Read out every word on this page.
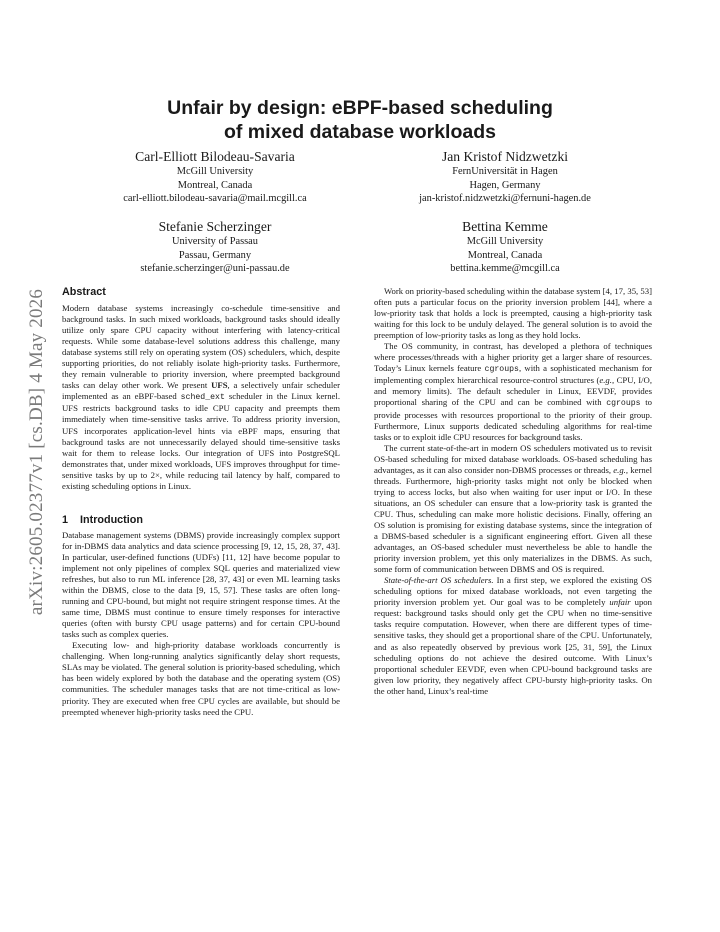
arXiv:2605.02377v1 [cs.DB] 4 May 2026
Unfair by design: eBPF-based scheduling
of mixed database workloads
Carl-Elliott Bilodeau-Savaria
McGill University
Montreal, Canada
carl-elliott.bilodeau-savaria@mail.mcgill.ca
Jan Kristof Nidzwetzki
FernUniversität in Hagen
Hagen, Germany
jan-kristof.nidzwetzki@fernuni-hagen.de
Stefanie Scherzinger
University of Passau
Passau, Germany
stefanie.scherzinger@uni-passau.de
Bettina Kemme
McGill University
Montreal, Canada
bettina.kemme@mcgill.ca
Abstract

Modern database systems increasingly co-schedule time-sensitive and background tasks. In such mixed workloads, background tasks should ideally utilize only spare CPU capacity without interfering with latency-critical requests. While some database-level solutions address this challenge, many database systems still rely on operating system (OS) schedulers, which, despite supporting priorities, do not reliably isolate high-priority tasks. Furthermore, they remain vulnerable to priority inversion, where preempted background tasks can delay other work. We present UFS, a selectively unfair scheduler implemented as an eBPF-based sched_ext scheduler in the Linux kernel. UFS restricts background tasks to idle CPU capacity and preempts them immediately when time-sensitive tasks arrive. To address priority inversion, UFS incorporates application-level hints via eBPF maps, ensuring that background tasks are not unnecessarily delayed should time-sensitive tasks wait for them to release locks. Our integration of UFS into PostgreSQL demonstrates that, under mixed workloads, UFS improves throughput for time-sensitive tasks by up to 2×, while reducing tail latency by half, compared to existing scheduling options in Linux.

1 Introduction

Database management systems (DBMS) provide increasingly complex support for in-DBMS data analytics and data science processing [9, 12, 15, 28, 37, 43]. In particular, user-defined functions (UDFs) [11, 12] have become popular to implement not only pipelines of complex SQL queries and materialized view refreshes, but also to run ML inference [28, 37, 43] or even ML learning tasks within the DBMS, close to the data [9, 15, 57]. These tasks are often long-running and CPU-bound, but might not require stringent response times. At the same time, DBMS must continue to ensure timely responses for interactive queries (often with bursty CPU usage patterns) and for certain CPU-bound tasks such as complex queries.

Executing low- and high-priority database workloads concurrently is challenging. When long-running analytics significantly delay short requests, SLAs may be violated. The general solution is priority-based scheduling, which has been widely explored by both the database and the operating system (OS) communities. The scheduler manages tasks that are not time-critical as low-priority. They are executed when free CPU cycles are available, but should be preempted whenever high-priority tasks need the CPU.

Work on priority-based scheduling within the database system [4, 17, 35, 53] often puts a particular focus on the priority inversion problem [44], where a low-priority task that holds a lock is preempted, causing a high-priority task waiting for this lock to be unduly delayed. The general solution is to avoid the preemption of low-priority tasks as long as they hold locks.

The OS community, in contrast, has developed a plethora of techniques where processes/threads with a higher priority get a larger share of resources. Today’s Linux kernels feature cgroups, with a sophisticated mechanism for implementing complex hierarchical resource-control structures (e.g., CPU, I/O, and memory limits). The default scheduler in Linux, EEVDF, provides proportional sharing of the CPU and can be combined with cgroups to provide processes with resources proportional to the priority of their group. Furthermore, Linux supports dedicated scheduling algorithms for real-time tasks or to exploit idle CPU resources for background tasks.

The current state-of-the-art in modern OS schedulers motivated us to revisit OS-based scheduling for mixed database workloads. OS-based scheduling has advantages, as it can also consider non-DBMS processes or threads, e.g., kernel threads. Furthermore, high-priority tasks might not only be blocked when trying to access locks, but also when waiting for user input or I/O. In these situations, an OS scheduler can ensure that a low-priority task is granted the CPU. Thus, scheduling can make more holistic decisions. Finally, offering an OS solution is promising for existing database systems, since the integration of a DBMS-based scheduler is a significant engineering effort. Given all these advantages, an OS-based scheduler must nevertheless be able to handle the priority inversion problem, yet this only materializes in the DBMS. As such, some form of communication between DBMS and OS is required.

State-of-the-art OS schedulers. In a first step, we explored the existing OS scheduling options for mixed database workloads, not even targeting the priority inversion problem yet. Our goal was to be completely unfair upon request: background tasks should only get the CPU when no time-sensitive tasks require computation. However, when there are different types of time-sensitive tasks, they should get a proportional share of the CPU. Unfortunately, and as also repeatedly observed by previous work [25, 31, 59], the Linux scheduling options do not achieve the desired outcome. With Linux’s proportional scheduler EEVDF, even when CPU-bound background tasks are given low priority, they negatively affect CPU-bursty high-priority tasks. On the other hand, Linux’s real-time
